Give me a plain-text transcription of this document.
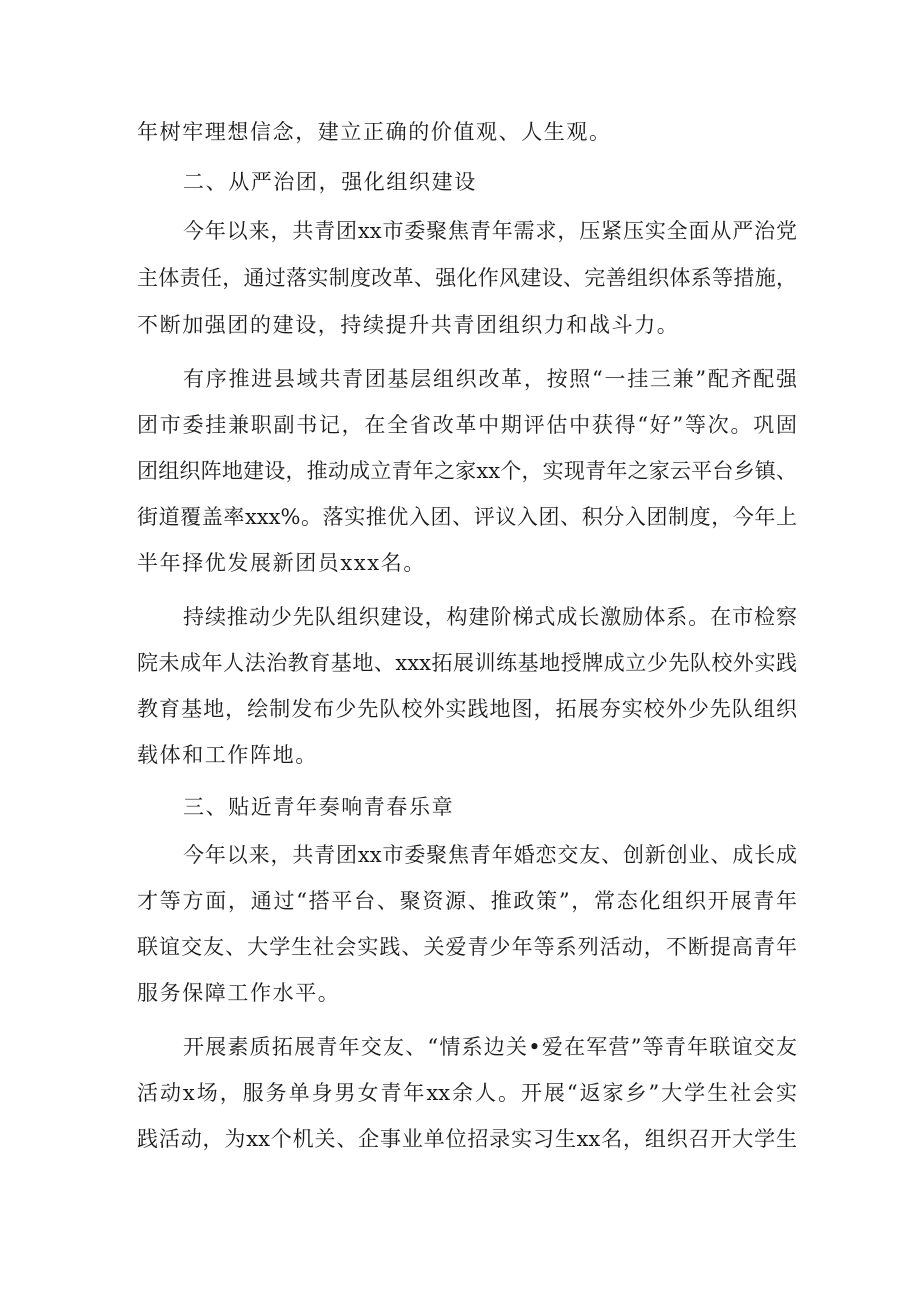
年树牢理想信念，建立正确的价值观、人生观。
二、从严治团，强化组织建设
今年以来，共青团xx市委聚焦青年需求，压紧压实全面从严治党
主体责任，通过落实制度改革、强化作风建设、完善组织体系等措施，
不断加强团的建设，持续提升共青团组织力和战斗力。
有序推进县域共青团基层组织改革，按照“一挂三兼”配齐配强
团市委挂兼职副书记，在全省改革中期评估中获得“好”等次。巩固
团组织阵地建设，推动成立青年之家xx个，实现青年之家云平台乡镇、
街道覆盖率xxx%。落实推优入团、评议入团、积分入团制度，今年上
半年择优发展新团员xxx名。
持续推动少先队组织建设，构建阶梯式成长激励体系。在市检察
院未成年人法治教育基地、xxx拓展训练基地授牌成立少先队校外实践
教育基地，绘制发布少先队校外实践地图，拓展夯实校外少先队组织
载体和工作阵地。
三、贴近青年奏响青春乐章
今年以来，共青团xx市委聚焦青年婚恋交友、创新创业、成长成
才等方面，通过“搭平台、聚资源、推政策”，常态化组织开展青年
联谊交友、大学生社会实践、关爱青少年等系列活动，不断提高青年
服务保障工作水平。
开展素质拓展青年交友、“情系边关•爱在军营”等青年联谊交友
活动x场，服务单身男女青年xx余人。开展“返家乡”大学生社会实
践活动，为xx个机关、企事业单位招录实习生xx名，组织召开大学生
